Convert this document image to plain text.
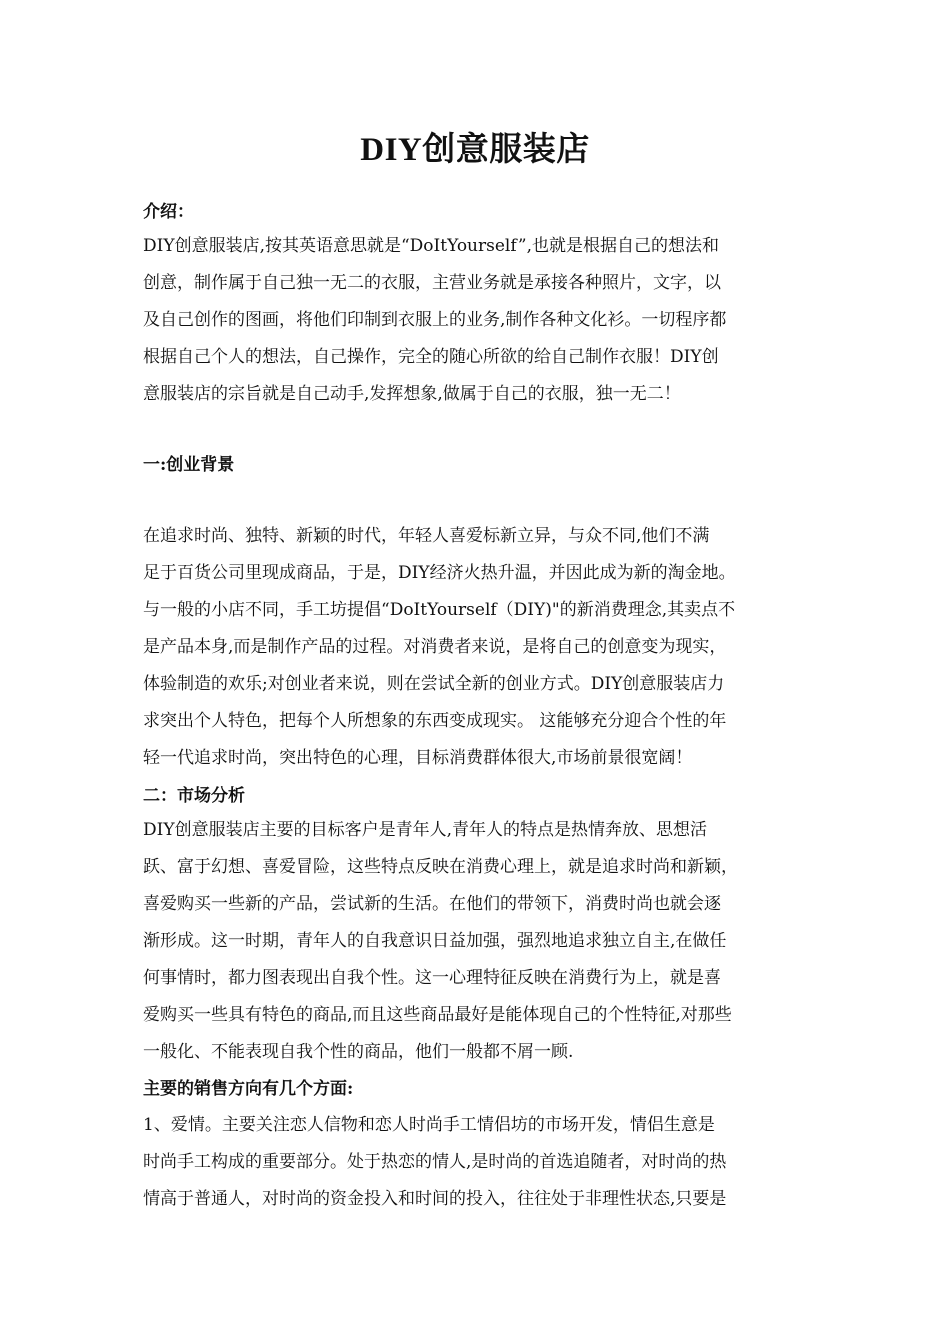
DIY创意服装店

介绍：

DIY创意服装店,按其英语意思就是“DoItYourself”,也就是根据自己的想法和

创意，制作属于自己独一无二的衣服，主营业务就是承接各种照片，文字，以

及自己创作的图画，将他们印制到衣服上的业务,制作各种文化衫。一切程序都

根据自己个人的想法，自己操作，完全的随心所欲的给自己制作衣服！DIY创

意服装店的宗旨就是自己动手,发挥想象,做属于自己的衣服，独一无二！

一:创业背景

在追求时尚、独特、新颖的时代，年轻人喜爱标新立异，与众不同,他们不满

足于百货公司里现成商品，于是，DIY经济火热升温，并因此成为新的淘金地。

与一般的小店不同，手工坊提倡“DoItYourself（DIY)"的新消费理念,其卖点不

是产品本身,而是制作产品的过程。对消费者来说，是将自己的创意变为现实，

体验制造的欢乐;对创业者来说，则在尝试全新的创业方式。DIY创意服装店力

求突出个人特色，把每个人所想象的东西变成现实。 这能够充分迎合个性的年

轻一代追求时尚，突出特色的心理，目标消费群体很大,市场前景很宽阔！

二：市场分析

DIY创意服装店主要的目标客户是青年人,青年人的特点是热情奔放、思想活

跃、富于幻想、喜爱冒险，这些特点反映在消费心理上，就是追求时尚和新颖，

喜爱购买一些新的产品，尝试新的生活。在他们的带领下，消费时尚也就会逐

渐形成。这一时期，青年人的自我意识日益加强，强烈地追求独立自主,在做任

何事情时，都力图表现出自我个性。这一心理特征反映在消费行为上，就是喜

爱购买一些具有特色的商品,而且这些商品最好是能体现自己的个性特征,对那些

一般化、不能表现自我个性的商品，他们一般都不屑一顾.

主要的销售方向有几个方面:

1、爱情。主要关注恋人信物和恋人时尚手工情侣坊的市场开发，情侣生意是

时尚手工构成的重要部分。处于热恋的情人,是时尚的首选追随者，对时尚的热

情高于普通人，对时尚的资金投入和时间的投入，往往处于非理性状态,只要是
